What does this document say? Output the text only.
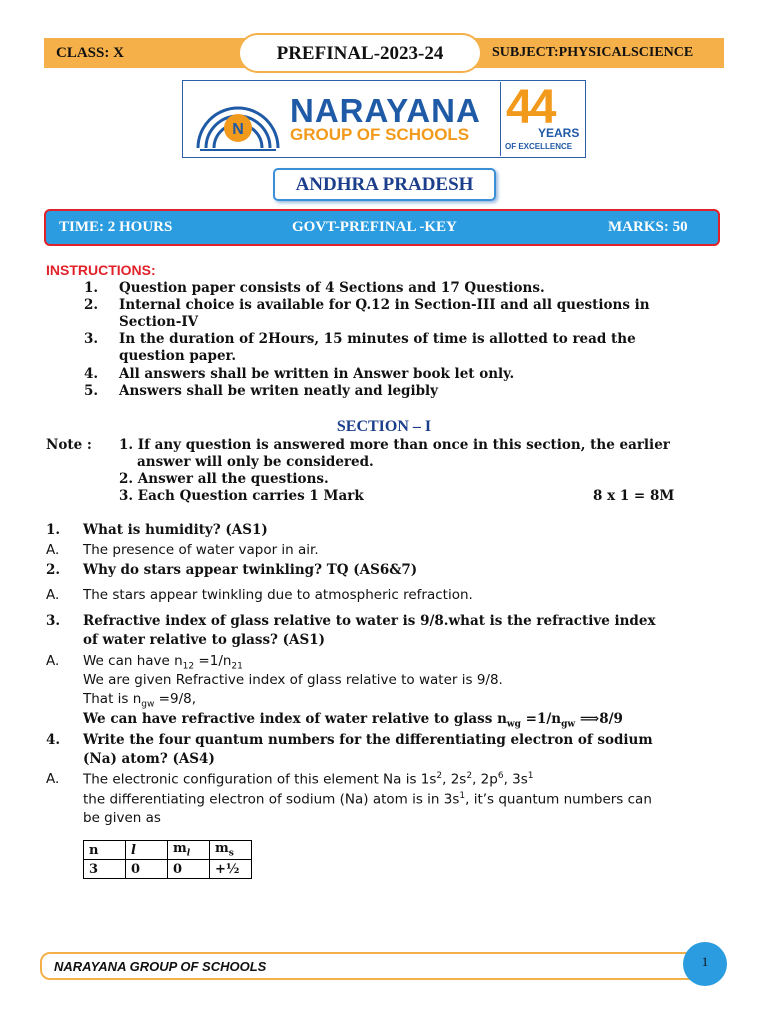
CLASS: X	PREFINAL-2023-24	SUBJECT:PHYSICALSCIENCE
N
NARAYANA
GROUP OF SCHOOLS
44
YEARS
OF EXCELLENCE
ANDHRA PRADESH
TIME: 2 HOURS	GOVT-PREFINAL -KEY	MARKS: 50
INSTRUCTIONS:
1. Question paper consists of 4 Sections and 17 Questions.
2. Internal choice is available for Q.12 in Section-III and all questions in
Section-IV
3. In the duration of 2Hours, 15 minutes of time is allotted to read the
question paper.
4. All answers shall be written in Answer book let only.
5. Answers shall be writen neatly and legibly
SECTION – I
Note : 1. If any question is answered more than once in this section, the earlier
answer will only be considered.
2. Answer all the questions.
3. Each Question carries 1 Mark	8 x 1 = 8M
1. What is humidity? (AS1)
A. The presence of water vapor in air.
2. Why do stars appear twinkling? TQ (AS6&7)
A. The stars appear twinkling due to atmospheric refraction.
3. Refractive index of glass relative to water is 9/8.what is the refractive index
of water relative to glass? (AS1)
A. We can have $n_{12} =1/n_{21}$
We are given Refractive index of glass relative to water is 9/8.
That is $n_{gw} =9/8$,
We can have refractive index of water relative to glass $n_{wg} =1/n_{gw}$ ⟹8/9
4. Write the four quantum numbers for the differentiating electron of sodium
(Na) atom? (AS4)
A. The electronic configuration of this element Na is $1s^2$, $2s^2$, $2p^6$, $3s^1$
the differentiating electron of sodium (Na) atom is in $3s^1$, it’s quantum numbers can
be given as
n	l	$m_l$	$m_s$
3	0	0	+½
NARAYANA GROUP OF SCHOOLS	1
